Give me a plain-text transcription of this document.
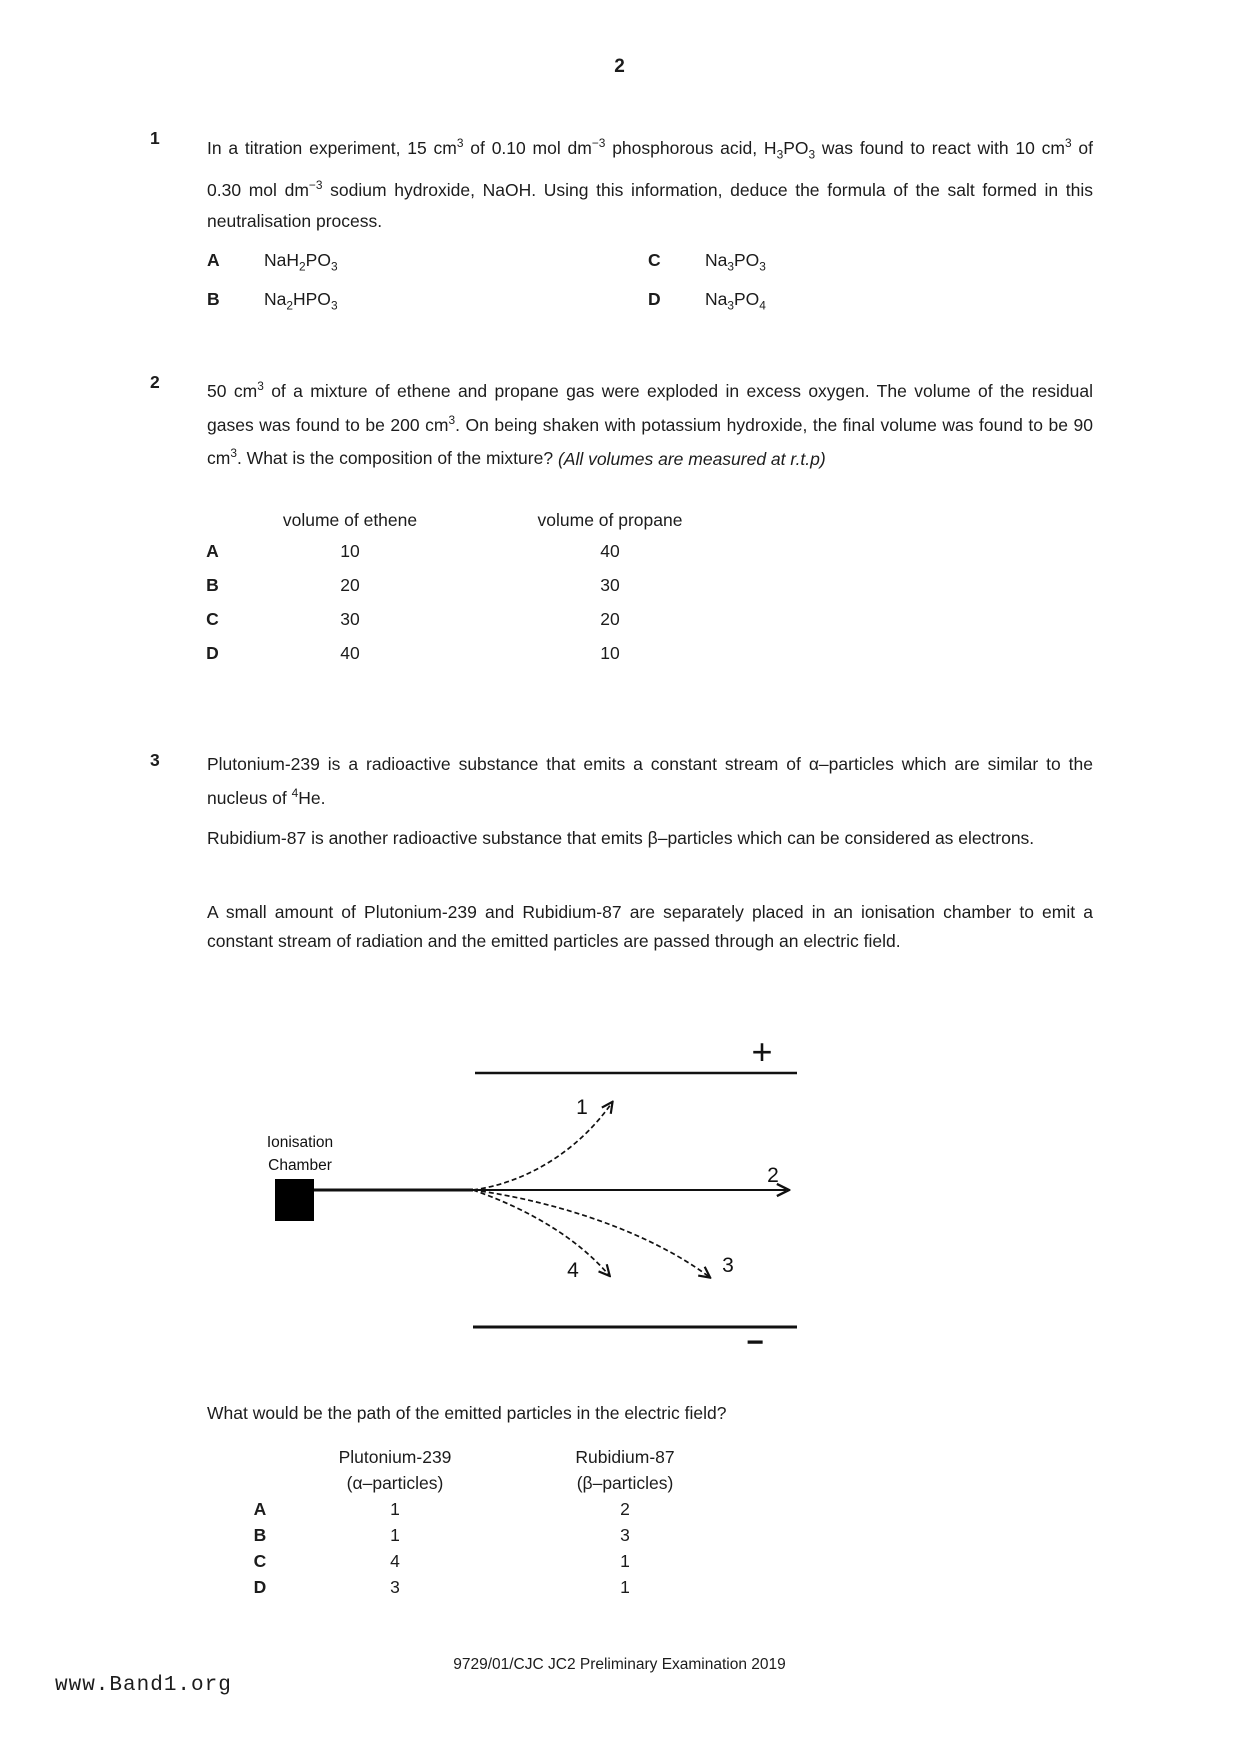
2
1	In a titration experiment, 15 $cm^3$ of 0.10 mol $dm^{-3}$ phosphorous acid, $H_3PO_3$ was found to react with 10 $cm^3$ of 0.30 mol $dm^{-3}$ sodium hydroxide, NaOH. Using this information, deduce the formula of the salt formed in this neutralisation process.
A	$NaH_2PO_3$	C	$Na_3PO_3$
B	$Na_2HPO_3$	D	$Na_3PO_4$
2	50 $cm^3$ of a mixture of ethene and propane gas were exploded in excess oxygen. The volume of the residual gases was found to be 200 $cm^3$. On being shaken with potassium hydroxide, the final volume was found to be 90 $cm^3$. What is the composition of the mixture? (All volumes are measured at r.t.p)
volume of ethene	volume of propane
A	10	40
B	20	30
C	30	20
D	40	10
3	Plutonium-239 is a radioactive substance that emits a constant stream of α–particles which are similar to the nucleus of $^4$He.
Rubidium-87 is another radioactive substance that emits β–particles which can be considered as electrons.
A small amount of Plutonium-239 and Rubidium-87 are separately placed in an ionisation chamber to emit a constant stream of radiation and the emitted particles are passed through an electric field.
+
−
Ionisation
Chamber
1
2
3
4
What would be the path of the emitted particles in the electric field?
Plutonium-239
(α–particles)
Rubidium-87
(β–particles)
A	1	2
B	1	3
C	4	1
D	3	1
9729/01/CJC JC2 Preliminary Examination 2019
www.Band1.org
